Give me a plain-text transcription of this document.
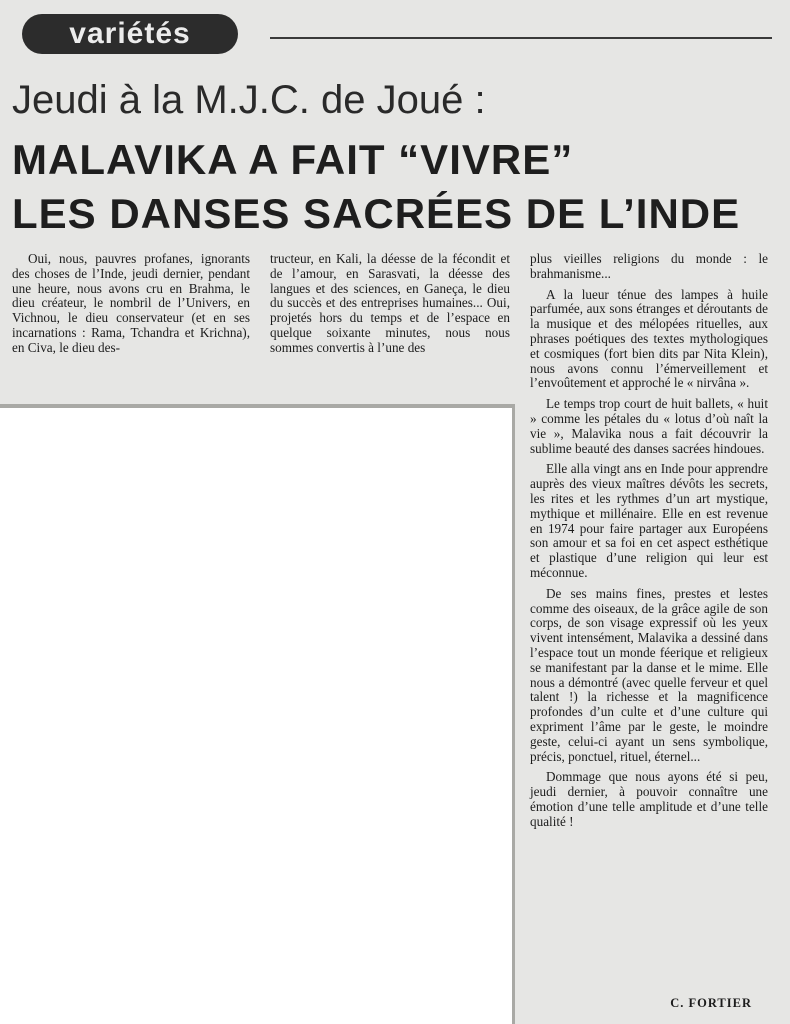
variétés
Jeudi à la M.J.C. de Joué :
MALAVIKA A FAIT “VIVRE”
LES DANSES SACRÉES DE L’INDE

Oui, nous, pauvres profanes, ignorants des choses de l’Inde, jeudi dernier, pendant une heure, nous avons cru en Brahma, le dieu créateur, le nombril de l’Univers, en Vichnou, le dieu conservateur (et en ses incarnations : Rama, Tchandra et Krichna), en Civa, le dieu des-

tructeur, en Kali, la déesse de la fécondit et de l’amour, en Sarasvati, la déesse des langues et des sciences, en Ganeça, le dieu du succès et des entreprises humaines... Oui, projetés hors du temps et de l’espace en quelque soixante minutes, nous nous sommes convertis à l’une des

plus vieilles religions du monde : le brahmanisme...

A la lueur ténue des lampes à huile parfumée, aux sons étranges et déroutants de la musique et des mélopées rituelles, aux phrases poétiques des textes mythologiques et cosmiques (fort bien dits par Nita Klein), nous avons connu l’émerveillement et l’envoûtement et approché le « nirvâna ».

Le temps trop court de huit ballets, « huit » comme les pétales du « lotus d’où naît la vie », Malavika nous a fait découvrir la sublime beauté des danses sacrées hindoues.

Elle alla vingt ans en Inde pour apprendre auprès des vieux maîtres dévôts les secrets, les rites et les rythmes d’un art mystique, mythique et millénaire. Elle en est revenue en 1974 pour faire partager aux Européens son amour et sa foi en cet aspect esthétique et plastique d’une religion qui leur est méconnue.

De ses mains fines, prestes et lestes comme des oiseaux, de la grâce agile de son corps, de son visage expressif où les yeux vivent intensément, Malavika a dessiné dans l’espace tout un monde féerique et religieux se manifestant par la danse et le mime. Elle nous a démontré (avec quelle ferveur et quel talent !) la richesse et la magnificence profondes d’un culte et d’une culture qui expriment l’âme par le geste, le moindre geste, celui-ci ayant un sens symbolique, précis, ponctuel, rituel, éternel...

Dommage que nous ayons été si peu, jeudi dernier, à pouvoir connaître une émotion d’une telle amplitude et d’une telle qualité !

C. FORTIER
